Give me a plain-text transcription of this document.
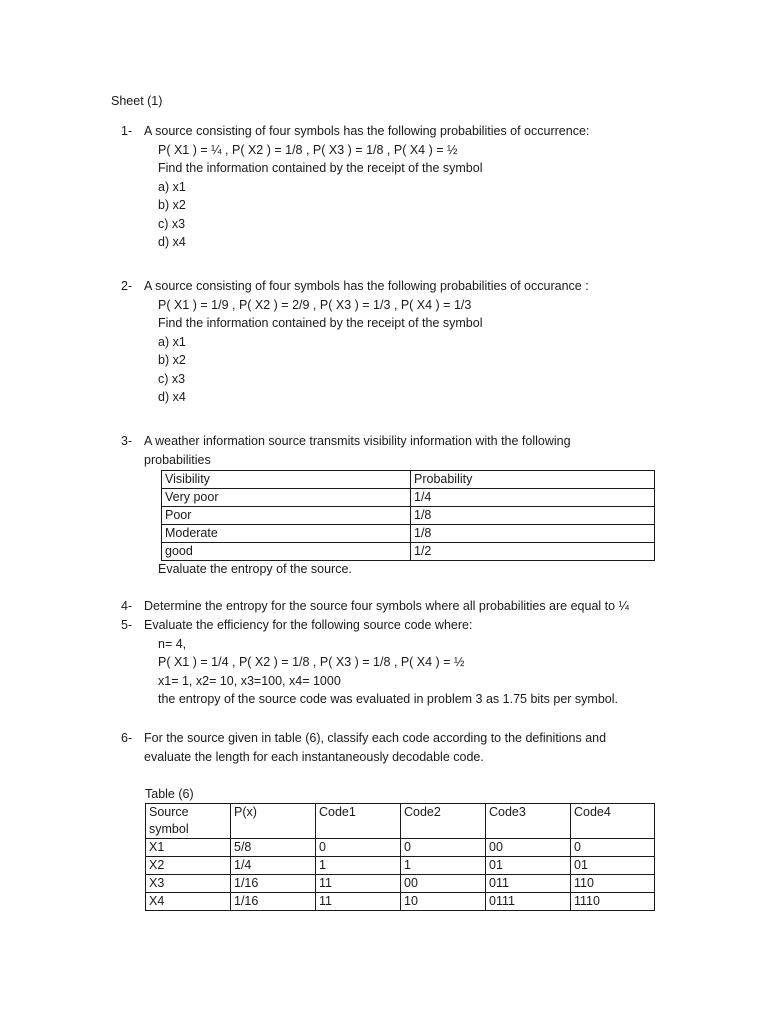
Sheet (1)
1- A source consisting of four symbols has the following probabilities of occurrence:
P( X1 ) = ¼ , P( X2 ) = 1/8 , P( X3 ) = 1/8 , P( X4 ) = ½
Find the information contained by the receipt of the symbol
a) x1
b) x2
c) x3
d) x4
2- A source consisting of four symbols has the following probabilities of occurance :
P( X1 ) = 1/9 , P( X2 ) = 2/9 , P( X3 ) = 1/3 , P( X4 ) = 1/3
Find the information contained by the receipt of the symbol
a) x1
b) x2
c) x3
d) x4
3- A weather information source transmits visibility information with the following
probabilities
Visibility	Probability
Very poor	1/4
Poor	1/8
Moderate	1/8
good	1/2
Evaluate the entropy of the source.
4- Determine the entropy for the source four symbols where all probabilities are equal to ¼
5- Evaluate the efficiency for the following source code where:
n= 4,
P( X1 ) = 1/4 , P( X2 ) = 1/8 , P( X3 ) = 1/8 , P( X4 ) = ½
x1= 1, x2= 10, x3=100, x4= 1000
the entropy of the source code was evaluated in problem 3 as 1.75 bits per symbol.
6- For the source given in table (6), classify each code according to the definitions and
evaluate the length for each instantaneously decodable code.
Table (6)
Source symbol	P(x)	Code1	Code2	Code3	Code4
X1	5/8	0	0	00	0
X2	1/4	1	1	01	01
X3	1/16	11	00	011	110
X4	1/16	11	10	0111	1110
